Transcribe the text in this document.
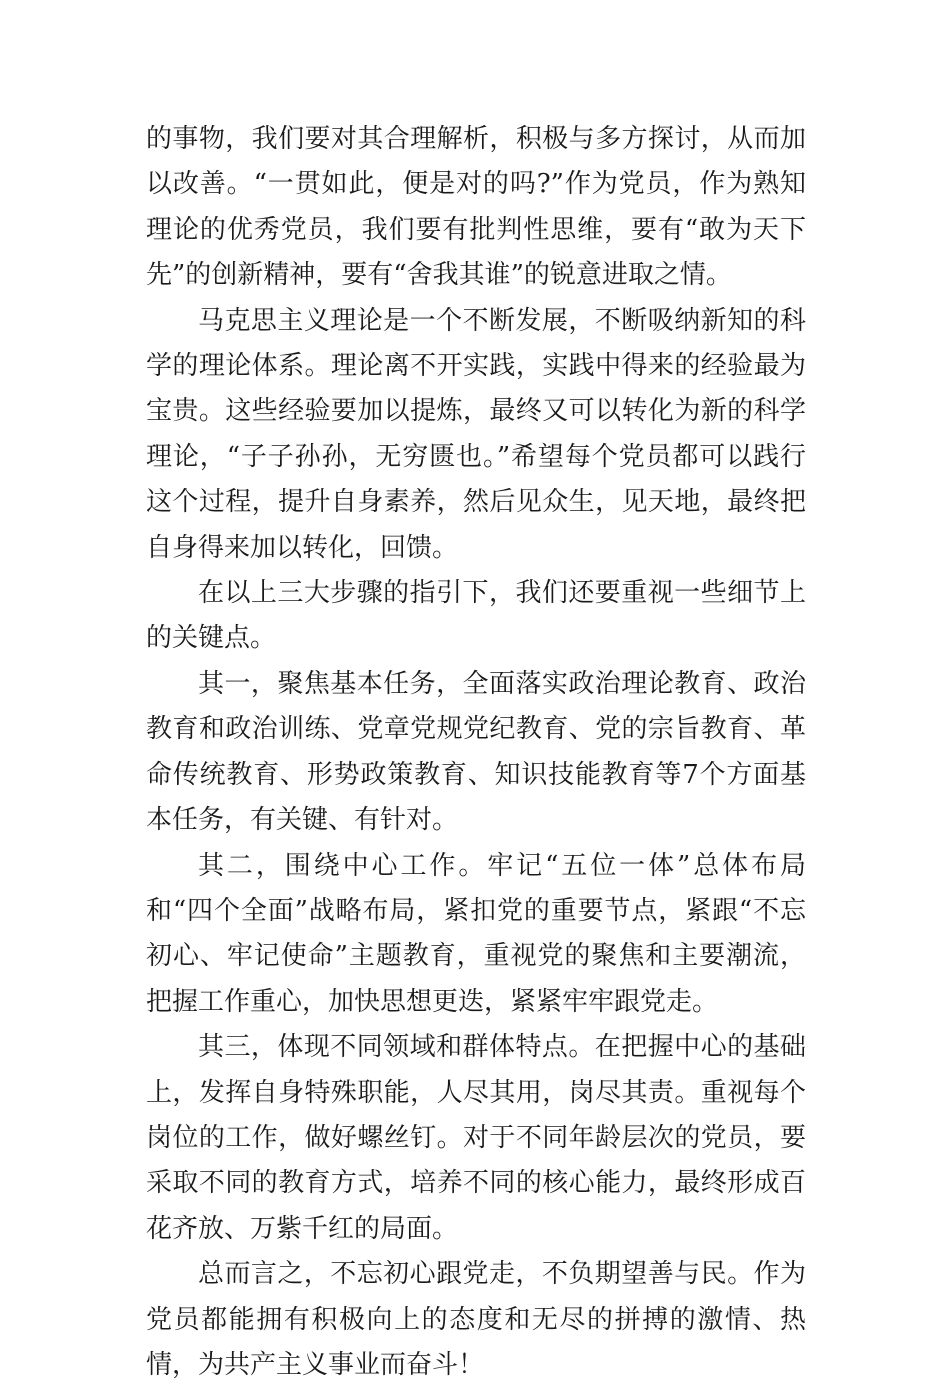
的事物，我们要对其合理解析，积极与多方探讨，从而加以改善。“一贯如此，便是对的吗?”作为党员，作为熟知理论的优秀党员，我们要有批判性思维，要有“敢为天下先”的创新精神，要有“舍我其谁”的锐意进取之情。

马克思主义理论是一个不断发展，不断吸纳新知的科学的理论体系。理论离不开实践，实践中得来的经验最为宝贵。这些经验要加以提炼，最终又可以转化为新的科学理论，“子子孙孙，无穷匮也。”希望每个党员都可以践行这个过程，提升自身素养，然后见众生，见天地，最终把自身得来加以转化，回馈。

在以上三大步骤的指引下，我们还要重视一些细节上的关键点。

其一，聚焦基本任务，全面落实政治理论教育、政治教育和政治训练、党章党规党纪教育、党的宗旨教育、革命传统教育、形势政策教育、知识技能教育等7个方面基本任务，有关键、有针对。

其二，围绕中心工作。牢记“五位一体”总体布局和“四个全面”战略布局，紧扣党的重要节点，紧跟“不忘初心、牢记使命”主题教育，重视党的聚焦和主要潮流，把握工作重心，加快思想更迭，紧紧牢牢跟党走。

其三，体现不同领域和群体特点。在把握中心的基础上，发挥自身特殊职能，人尽其用，岗尽其责。重视每个岗位的工作，做好螺丝钉。对于不同年龄层次的党员，要采取不同的教育方式，培养不同的核心能力，最终形成百花齐放、万紫千红的局面。

总而言之，不忘初心跟党走，不负期望善与民。作为党员都能拥有积极向上的态度和无尽的拼搏的激情、热情，为共产主义事业而奋斗！
